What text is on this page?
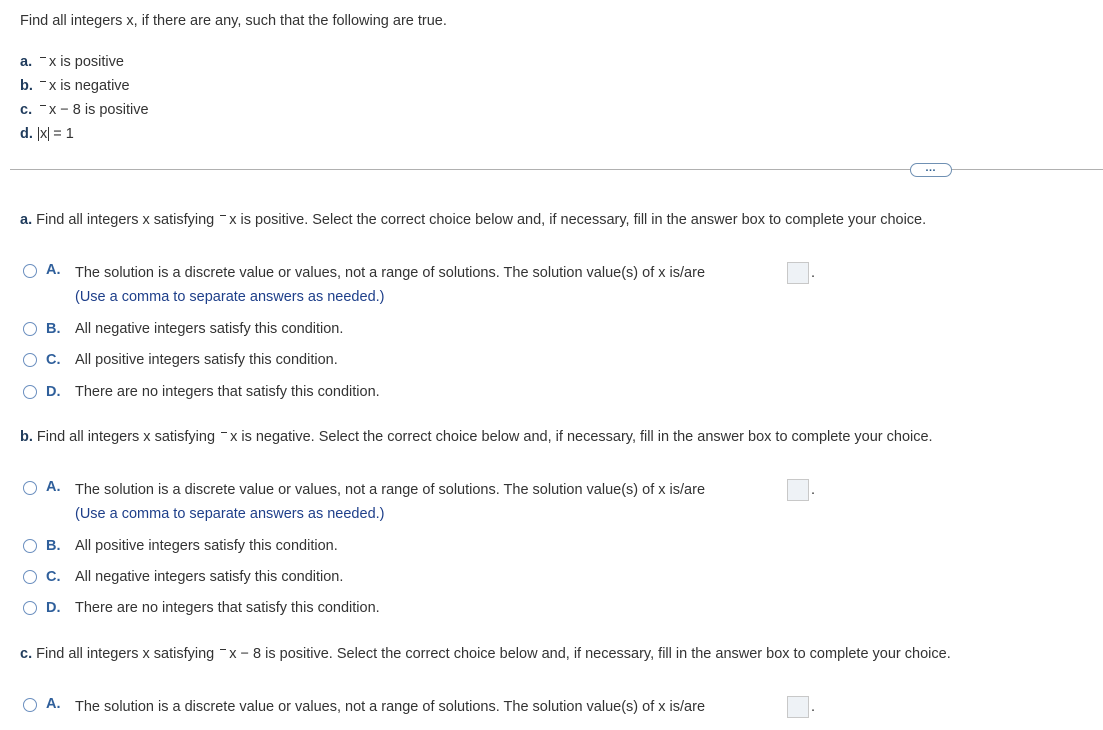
Find all integers x, if there are any, such that the following are true.
a. x is positive
b. x is negative
c. x − 8 is positive
d. x = 1
…
a. Find all integers x satisfying x is positive. Select the correct choice below and, if necessary, fill in the answer box to complete your choice.
A. The solution is a discrete value or values, not a range of solutions. The solution value(s) of x is/are	.
(Use a comma to separate answers as needed.)
B. All negative integers satisfy this condition.
C. All positive integers satisfy this condition.
D. There are no integers that satisfy this condition.
b. Find all integers x satisfying x is negative. Select the correct choice below and, if necessary, fill in the answer box to complete your choice.
A. The solution is a discrete value or values, not a range of solutions. The solution value(s) of x is/are	.
(Use a comma to separate answers as needed.)
B. All positive integers satisfy this condition.
C. All negative integers satisfy this condition.
D. There are no integers that satisfy this condition.
c. Find all integers x satisfying x − 8 is positive. Select the correct choice below and, if necessary, fill in the answer box to complete your choice.
A. The solution is a discrete value or values, not a range of solutions. The solution value(s) of x is/are	.
